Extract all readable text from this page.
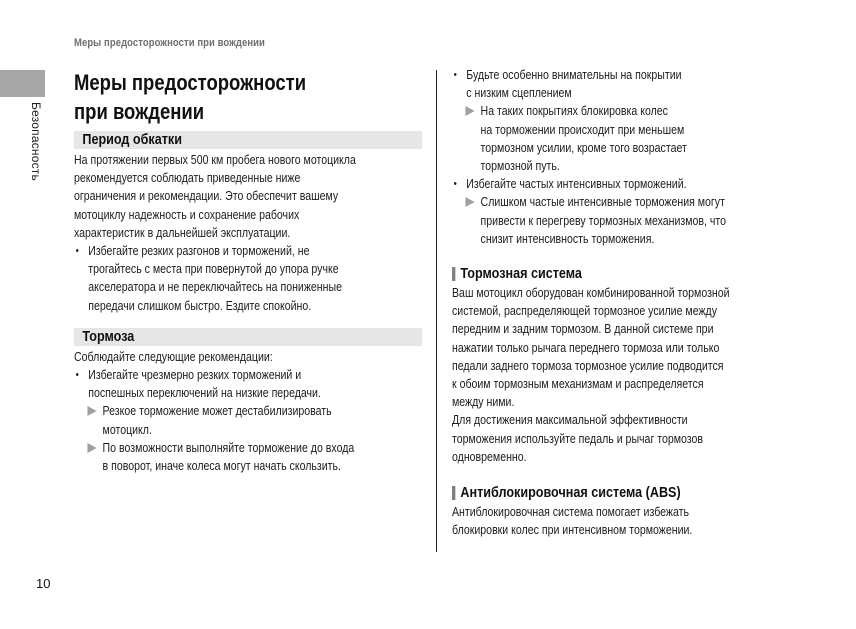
Меры предосторожности при вождении
Безопасность
10
Меры предосторожности
при вождении
Период обкатки
На протяжении первых 500 км пробега нового мотоцикла
рекомендуется соблюдать приведенные ниже
ограничения и рекомендации. Это обеспечит вашему
мотоциклу надежность и сохранение рабочих
характеристик в дальнейшей эксплуатации.
• Избегайте резких разгонов и торможений, не
трогайтесь с места при повернутой до упора ручке
акселератора и не переключайтесь на пониженные
передачи слишком быстро. Ездите спокойно.
Тормоза
Соблюдайте следующие рекомендации:
• Избегайте чрезмерно резких торможений и
поспешных переключений на низкие передачи.
Резкое торможение может дестабилизировать
мотоцикл.
По возможности выполняйте торможение до входа
в поворот, иначе колеса могут начать скользить.
• Будьте особенно внимательны на покрытии
с низким сцеплением
На таких покрытиях блокировка колес
на торможении происходит при меньшем
тормозном усилии, кроме того возрастает
тормозной путь.
• Избегайте частых интенсивных торможений.
Слишком частые интенсивные торможения могут
привести к перегреву тормозных механизмов, что
снизит интенсивность торможения.
Тормозная система
Ваш мотоцикл оборудован комбинированной тормозной
системой, распределяющей тормозное усилие между
передним и задним тормозом. В данной системе при
нажатии только рычага переднего тормоза или только
педали заднего тормоза тормозное усилие подводится
к обоим тормозным механизмам и распределяется
между ними.
Для достижения максимальной эффективности
торможения используйте педаль и рычаг тормозов
одновременно.
Антиблокировочная система (ABS)
Антиблокировочная система помогает избежать
блокировки колес при интенсивном торможении.
